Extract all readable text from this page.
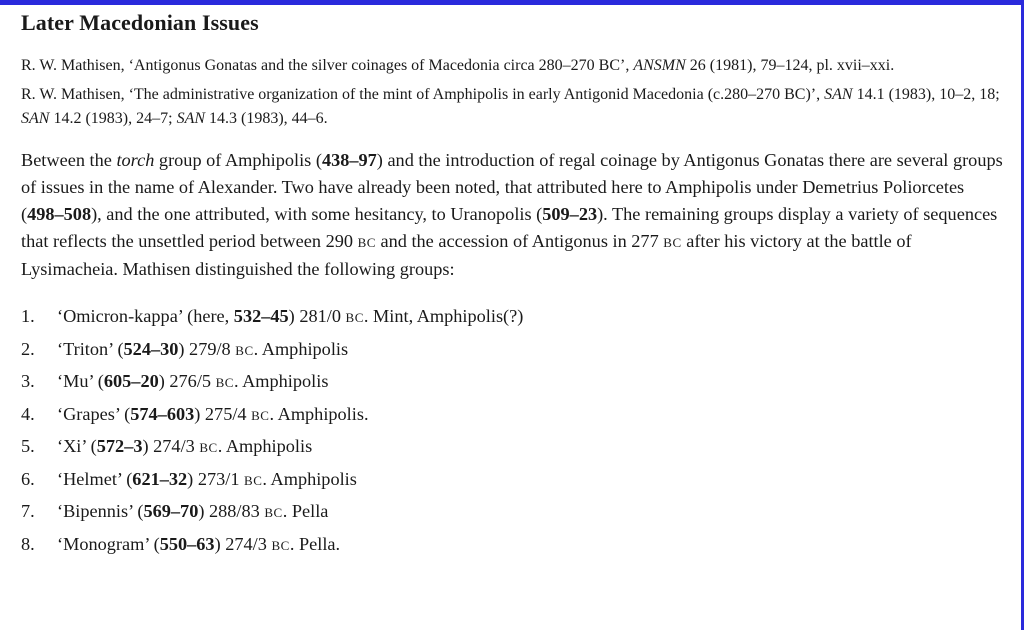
Later Macedonian Issues

R. W. Mathisen, ‘Antigonus Gonatas and the silver coinages of Macedonia circa 280–270 BC’, ANSMN 26 (1981), 79–124, pl. xvii–xxi.

R. W. Mathisen, ‘The administrative organization of the mint of Amphipolis in early Antigonid Macedonia (c.280–270 BC)’, SAN 14.1 (1983), 10–2, 18; SAN 14.2 (1983), 24–7; SAN 14.3 (1983), 44–6.

Between the torch group of Amphipolis (438–97) and the introduction of regal coinage by Antigonus Gonatas there are several groups of issues in the name of Alexander. Two have already been noted, that attributed here to Amphipolis under Demetrius Poliorcetes (498–508), and the one attributed, with some hesitancy, to Uranopolis (509–23). The remaining groups display a variety of sequences that reflects the unsettled period between 290 BC and the accession of Antigonus in 277 BC after his victory at the battle of Lysimacheia. Mathisen distinguished the following groups:

1.	‘Omicron-kappa’ (here, 532–45) 281/0 BC. Mint, Amphipolis(?)
2.	‘Triton’ (524–30) 279/8 BC. Amphipolis
3.	‘Mu’ (605–20) 276/5 BC. Amphipolis
4.	‘Grapes’ (574–603) 275/4 BC. Amphipolis.
5.	‘Xi’ (572–3) 274/3 BC. Amphipolis
6.	‘Helmet’ (621–32) 273/1 BC. Amphipolis
7.	‘Bipennis’ (569–70) 288/83 BC. Pella
8.	‘Monogram’ (550–63) 274/3 BC. Pella.
